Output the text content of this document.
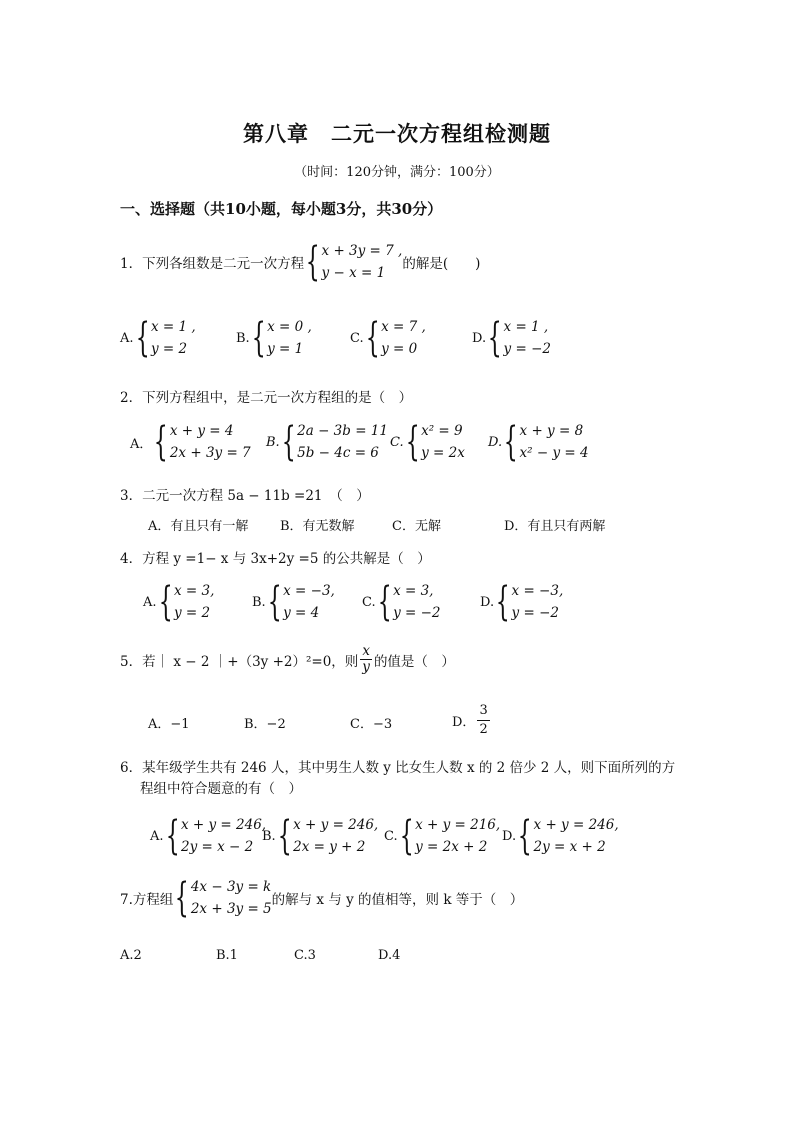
第八章　二元一次方程组检测题
（时间：120分钟，满分：100分）
一、选择题（共10小题，每小题3分，共30分）
1．下列各组数是二元一次方程 { x + 3y = 7 ,
y − x = 1
的解是(　　)
A. { x = 1 ,
y = 2
B. { x = 0 ,
y = 1
C. { x = 7 ,
y = 0
D. { x = 1 ,
y = −2
2．下列方程组中，是二元一次方程组的是（　）
A． { x + y = 4
2x + 3y = 7
B. { 2a − 3b = 11
5b − 4c = 6
C. { x² = 9
y = 2x
D. { x + y = 8
x² − y = 4
3．二元一次方程 5a − 11b =21　（　）
A．有且只有一解 B．有无数解	C．无解	D．有且只有两解
4．方程 y =1− x 与 3x+2y =5 的公共解是（　）
A. { x = 3,
y = 2
B. { x = −3,
y = 4
C. { x = 3,
y = −2
D. { x = −3,
y = −2
5．若｜ x − 2 ｜+（3y +2）²=0，则 $\frac{x}{y}$ 的值是（　）
A．−1	B．−2	C．−3	D． $\frac{3}{2}$
6．某年级学生共有 246 人，其中男生人数 y 比女生人数 x 的 2 倍少 2 人，则下面所列的方
程组中符合题意的有（　）
A. { x + y = 246,
2y = x − 2
B. { x + y = 246,
2x = y + 2
C. { x + y = 216,
y = 2x + 2
D. { x + y = 246,
2y = x + 2
7.方程组 { 4x − 3y = k
2x + 3y = 5
的解与 x 与 y 的值相等，则 k 等于（　）
A.2	B.1	C.3	D.4
